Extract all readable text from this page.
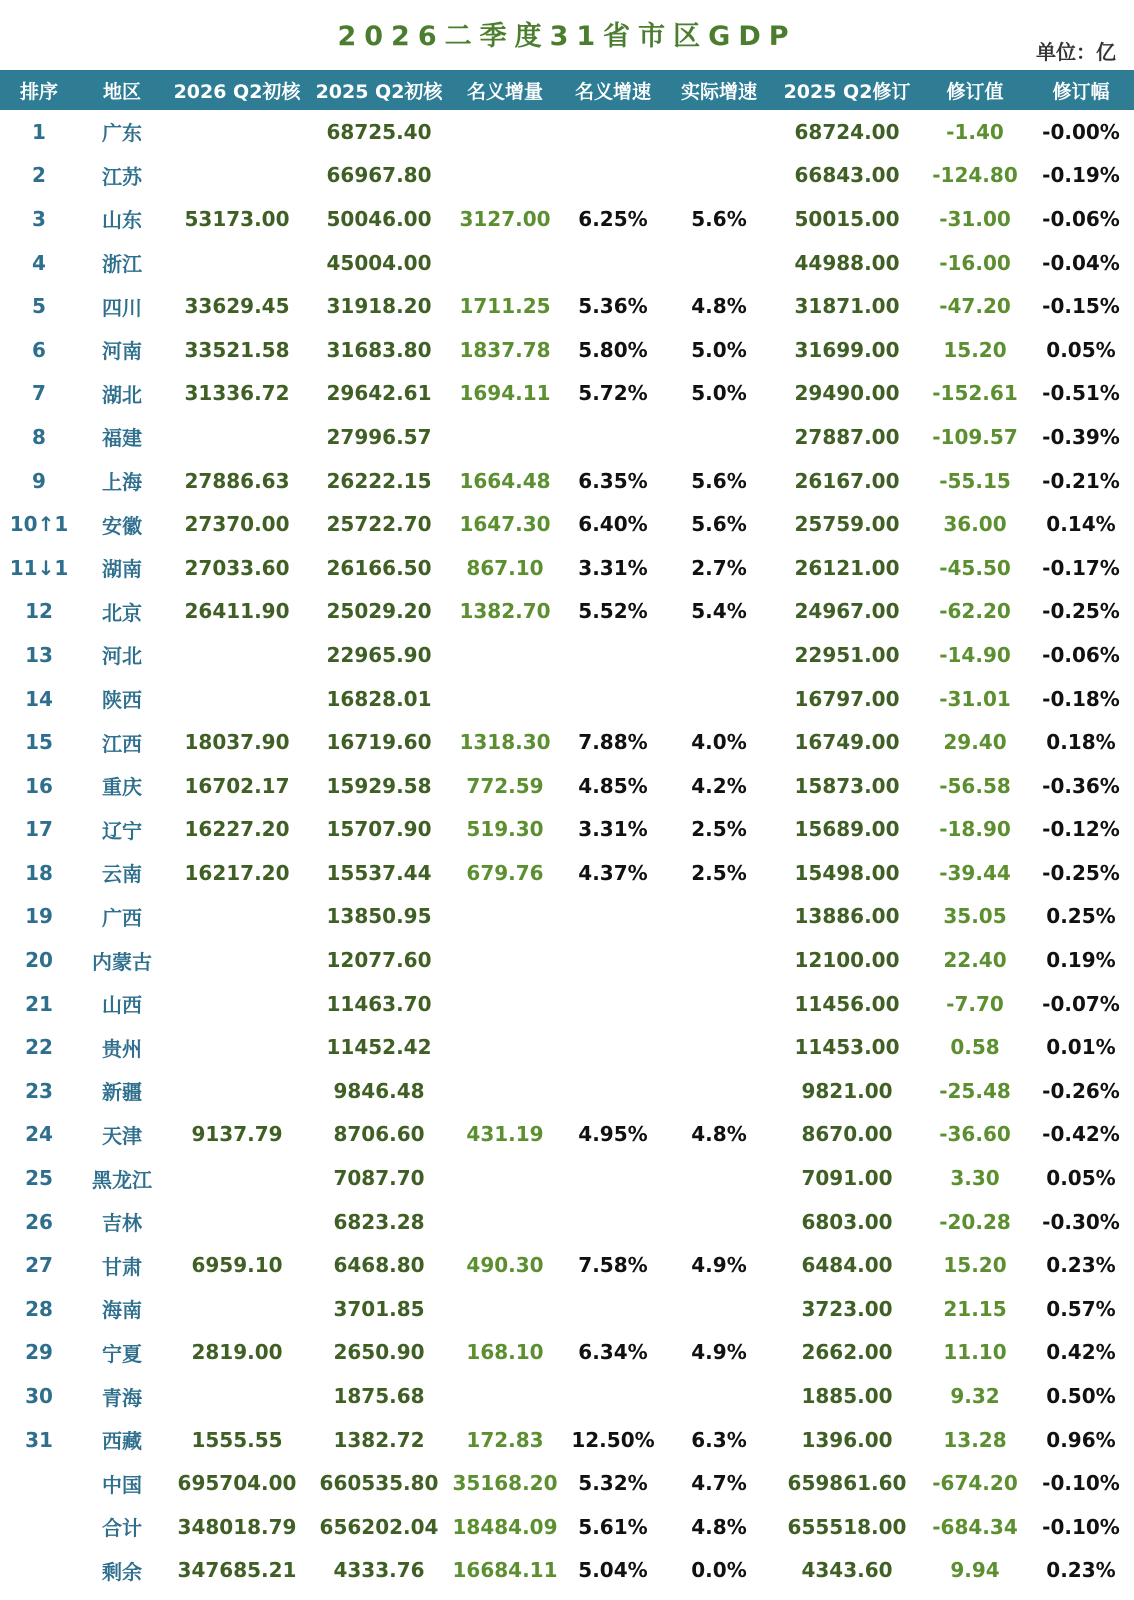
2026二季度31省市区GDP	单位：亿
排序	地区	2026 Q2初核	2025 Q2初核	名义增量	名义增速	实际增速	2025 Q2修订	修订值	修订幅
1	广东		68725.40				68724.00	-1.40	-0.00%
2	江苏		66967.80				66843.00	-124.80	-0.19%
3	山东	53173.00	50046.00	3127.00	6.25%	5.6%	50015.00	-31.00	-0.06%
4	浙江		45004.00				44988.00	-16.00	-0.04%
5	四川	33629.45	31918.20	1711.25	5.36%	4.8%	31871.00	-47.20	-0.15%
6	河南	33521.58	31683.80	1837.78	5.80%	5.0%	31699.00	15.20	0.05%
7	湖北	31336.72	29642.61	1694.11	5.72%	5.0%	29490.00	-152.61	-0.51%
8	福建		27996.57				27887.00	-109.57	-0.39%
9	上海	27886.63	26222.15	1664.48	6.35%	5.6%	26167.00	-55.15	-0.21%
10↑1	安徽	27370.00	25722.70	1647.30	6.40%	5.6%	25759.00	36.00	0.14%
11↓1	湖南	27033.60	26166.50	867.10	3.31%	2.7%	26121.00	-45.50	-0.17%
12	北京	26411.90	25029.20	1382.70	5.52%	5.4%	24967.00	-62.20	-0.25%
13	河北		22965.90				22951.00	-14.90	-0.06%
14	陕西		16828.01				16797.00	-31.01	-0.18%
15	江西	18037.90	16719.60	1318.30	7.88%	4.0%	16749.00	29.40	0.18%
16	重庆	16702.17	15929.58	772.59	4.85%	4.2%	15873.00	-56.58	-0.36%
17	辽宁	16227.20	15707.90	519.30	3.31%	2.5%	15689.00	-18.90	-0.12%
18	云南	16217.20	15537.44	679.76	4.37%	2.5%	15498.00	-39.44	-0.25%
19	广西		13850.95				13886.00	35.05	0.25%
20	内蒙古		12077.60				12100.00	22.40	0.19%
21	山西		11463.70				11456.00	-7.70	-0.07%
22	贵州		11452.42				11453.00	0.58	0.01%
23	新疆		9846.48				9821.00	-25.48	-0.26%
24	天津	9137.79	8706.60	431.19	4.95%	4.8%	8670.00	-36.60	-0.42%
25	黑龙江		7087.70				7091.00	3.30	0.05%
26	吉林		6823.28				6803.00	-20.28	-0.30%
27	甘肃	6959.10	6468.80	490.30	7.58%	4.9%	6484.00	15.20	0.23%
28	海南		3701.85				3723.00	21.15	0.57%
29	宁夏	2819.00	2650.90	168.10	6.34%	4.9%	2662.00	11.10	0.42%
30	青海		1875.68				1885.00	9.32	0.50%
31	西藏	1555.55	1382.72	172.83	12.50%	6.3%	1396.00	13.28	0.96%
	中国	695704.00	660535.80	35168.20	5.32%	4.7%	659861.60	-674.20	-0.10%
	合计	348018.79	656202.04	18484.09	5.61%	4.8%	655518.00	-684.34	-0.10%
	剩余	347685.21	4333.76	16684.11	5.04%	0.0%	4343.60	9.94	0.23%
